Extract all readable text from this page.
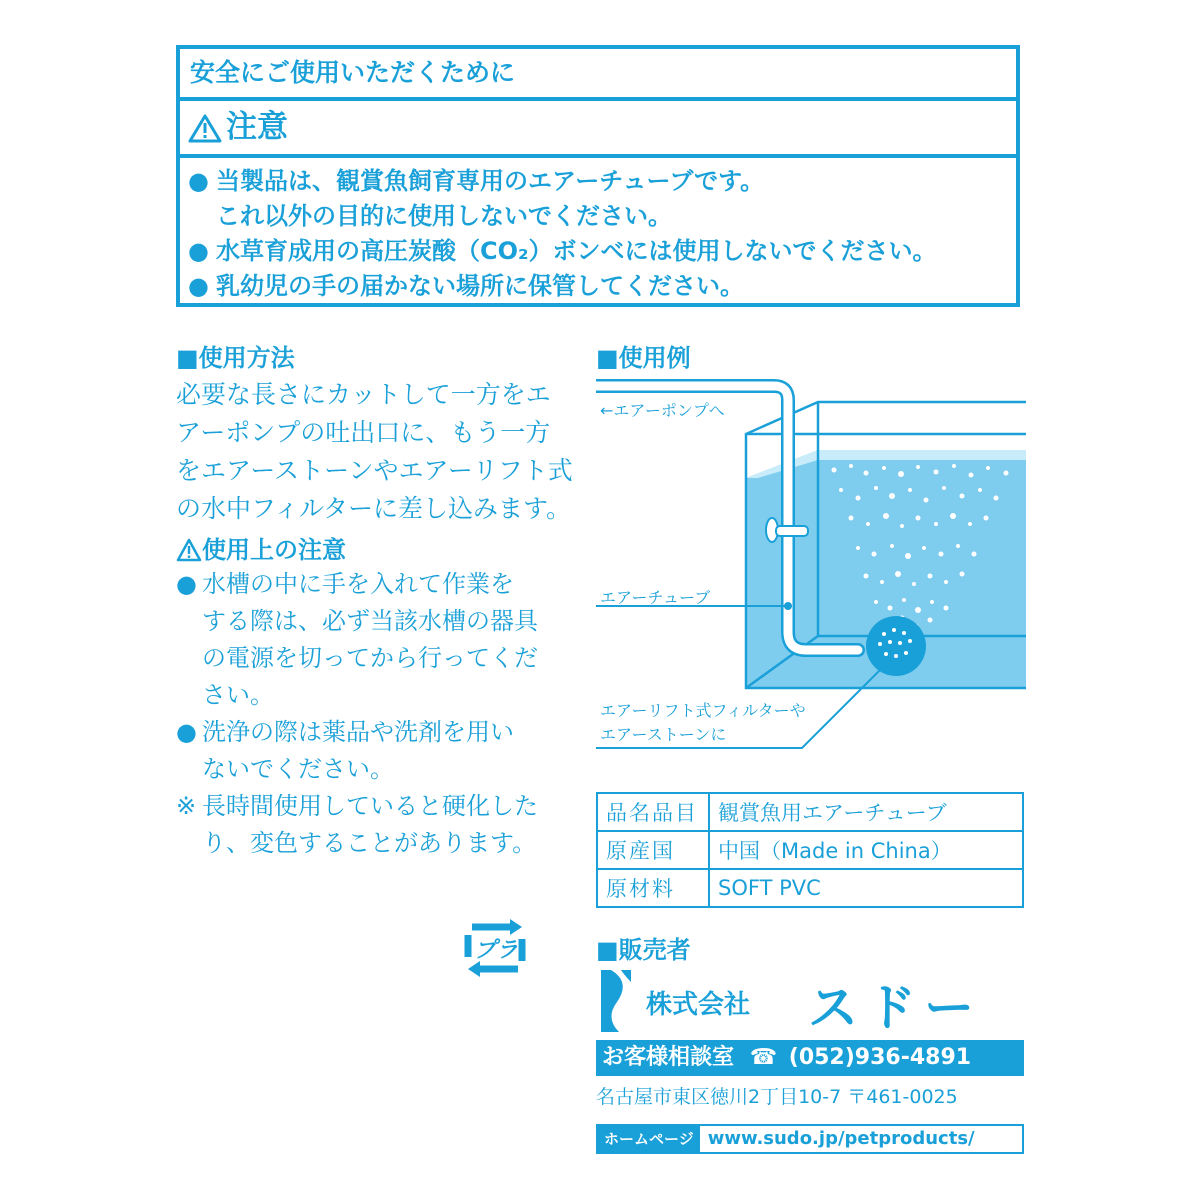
安全にご使用いただくために
注意
● 当製品は、観賞魚飼育専用のエアーチューブです。
これ以外の目的に使用しないでください。
● 水草育成用の高圧炭酸（CO₂）ボンベには使用しないでください。
● 乳幼児の手の届かない場所に保管してください。
■使用方法
必要な長さにカットして一方をエ
アーポンプの吐出口に、もう一方
をエアーストーンやエアーリフト式
の水中フィルターに差し込みます。
使用上の注意
● 水槽の中に手を入れて作業を
する際は、必ず当該水槽の器具
の電源を切ってから行ってくだ
さい。
● 洗浄の際は薬品や洗剤を用い
ないでください。
※ 長時間使用していると硬化した
り、変色することがあります。
■使用例
←エアーポンプへ
エアーチューブ
エアーリフト式フィルターや
エアーストーンに
品名品目	観賞魚用エアーチューブ
原産国	中国（Made in China）
原材料	SOFT PVC
プラ	■販売者
株式会社 スドー
お客様相談室 ☎ (052)936-4891
名古屋市東区徳川2丁目10-7 〒461-0025
ホームページ www.sudo.jp/petproducts/
